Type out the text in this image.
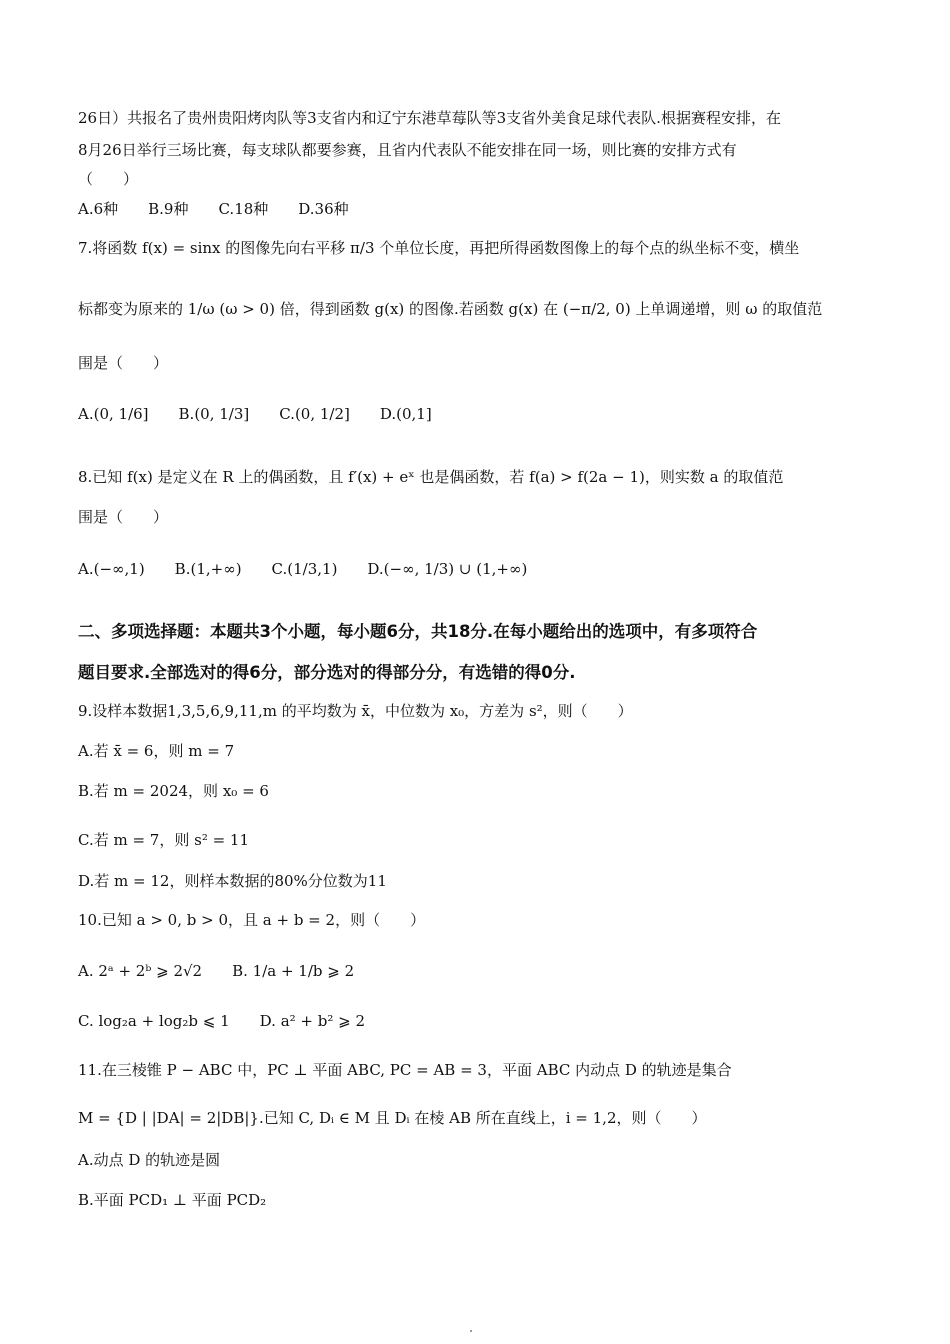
26日）共报名了贵州贵阳烤肉队等3支省内和辽宁东港草莓队等3支省外美食足球代表队.根据赛程安排，在
8月26日举行三场比赛，每支球队都要参赛，且省内代表队不能安排在同一场，则比赛的安排方式有
（　　）
A.6种　　B.9种　　C.18种　　D.36种
7.将函数 f(x) = sinx 的图像先向右平移 π/3 个单位长度，再把所得函数图像上的每个点的纵坐标不变，横坐
标都变为原来的 1/ω (ω > 0) 倍，得到函数 g(x) 的图像.若函数 g(x) 在 (−π/2, 0) 上单调递增，则 ω 的取值范
围是（　　）
A.(0, 1/6]　　B.(0, 1/3]　　C.(0, 1/2]　　D.(0,1]
8.已知 f(x) 是定义在 R 上的偶函数，且 f′(x) + eˣ 也是偶函数，若 f(a) > f(2a − 1)，则实数 a 的取值范
围是（　　）
A.(−∞,1)　　B.(1,+∞)　　C.(1/3,1)　　D.(−∞, 1/3) ∪ (1,+∞)
二、多项选择题：本题共3个小题，每小题6分，共18分.在每小题给出的选项中，有多项符合
题目要求.全部选对的得6分，部分选对的得部分分，有选错的得0分.
9.设样本数据1,3,5,6,9,11,m 的平均数为 x̄，中位数为 x₀，方差为 s²，则（　　）
A.若 x̄ = 6，则 m = 7
B.若 m = 2024，则 x₀ = 6
C.若 m = 7，则 s² = 11
D.若 m = 12，则样本数据的80%分位数为11
10.已知 a > 0, b > 0，且 a + b = 2，则（　　）
A. 2ᵃ + 2ᵇ ⩾ 2√2　　B. 1/a + 1/b ⩾ 2
C. log₂a + log₂b ⩽ 1　　D. a² + b² ⩾ 2
11.在三棱锥 P − ABC 中，PC ⊥ 平面 ABC, PC = AB = 3，平面 ABC 内动点 D 的轨迹是集合
M = {D | |DA| = 2|DB|}.已知 C, Dᵢ ∈ M 且 Dᵢ 在棱 AB 所在直线上，i = 1,2，则（　　）
A.动点 D 的轨迹是圆
B.平面 PCD₁ ⊥ 平面 PCD₂
